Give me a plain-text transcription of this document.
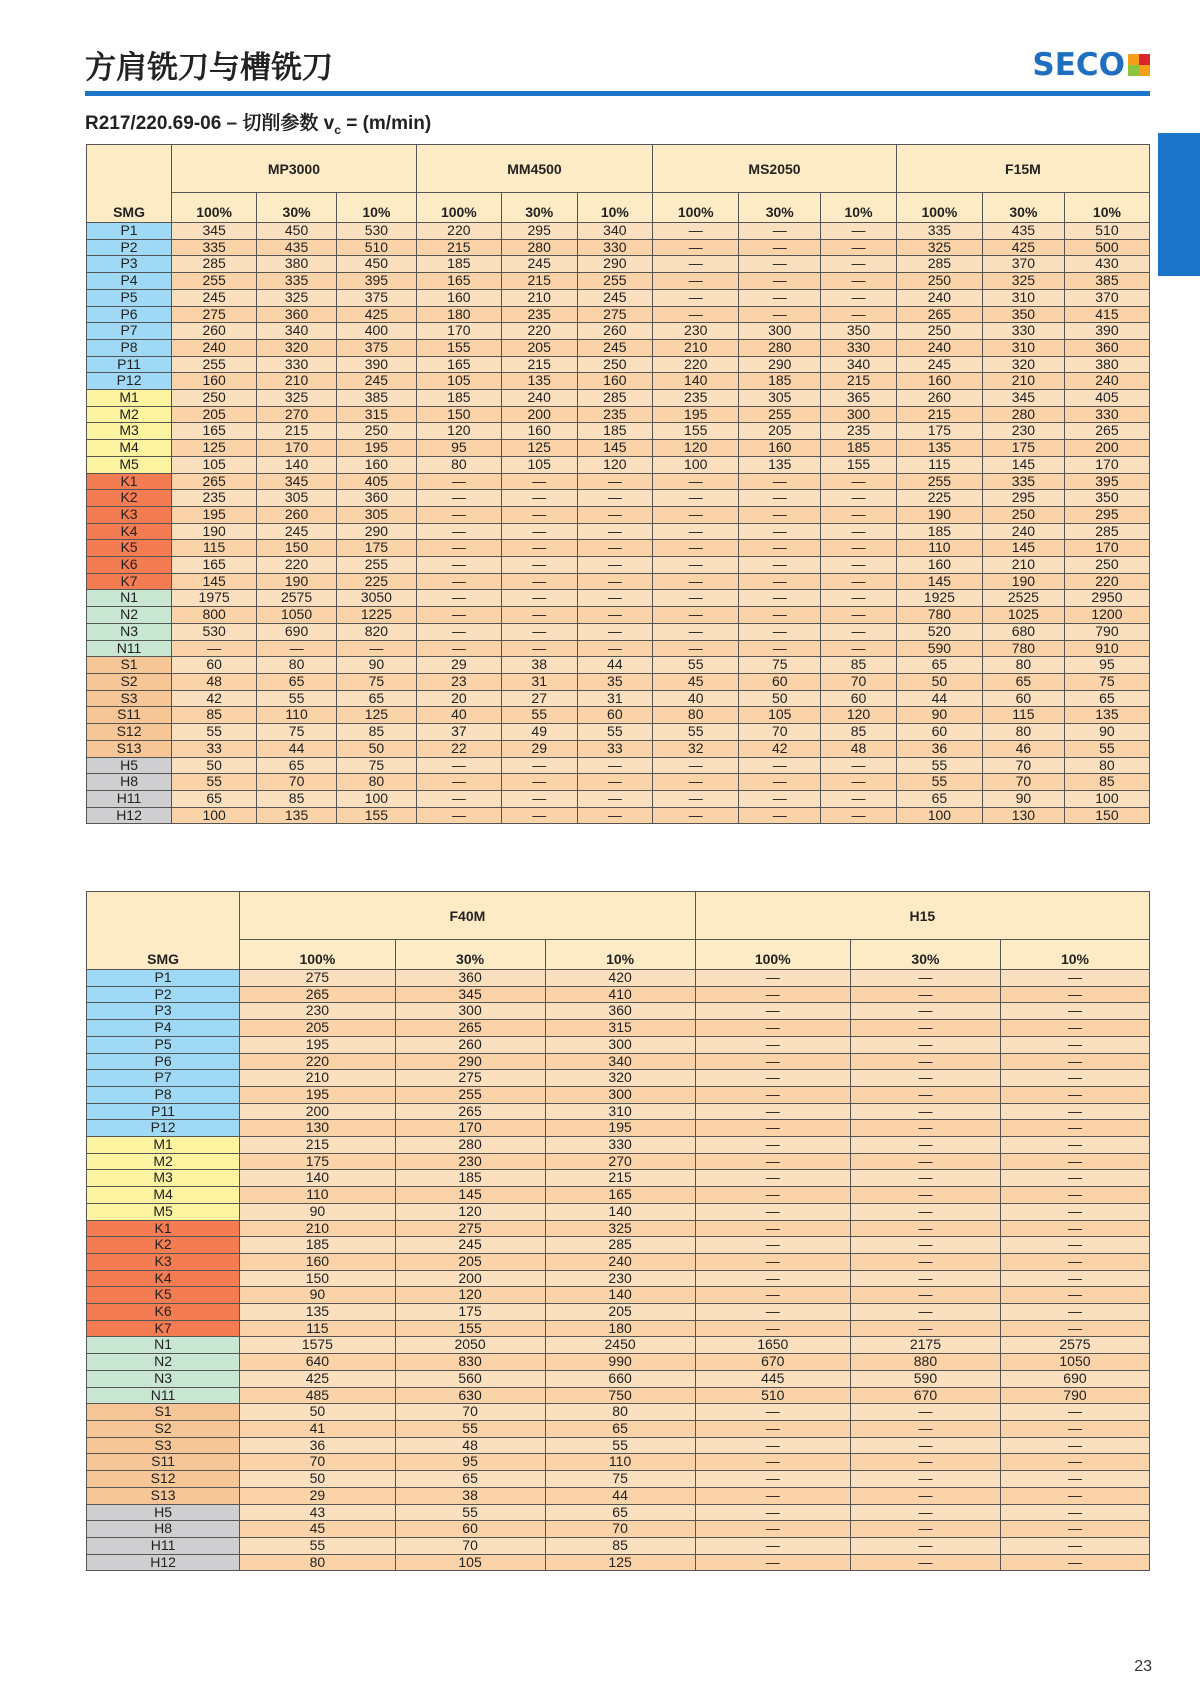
方肩铣刀与槽铣刀	SECO
R217/220.69-06 – 切削参数 $v_c = (m/\min)$
SMG	MP3000			MM4500			MS2050			F15M		
	100%	30%	10%	100%	30%	10%	100%	30%	10%	100%	30%	10%
P1	345	450	530	220	295	340	—	—	—	335	435	510
P2	335	435	510	215	280	330	—	—	—	325	425	500
P3	285	380	450	185	245	290	—	—	—	285	370	430
P4	255	335	395	165	215	255	—	—	—	250	325	385
P5	245	325	375	160	210	245	—	—	—	240	310	370
P6	275	360	425	180	235	275	—	—	—	265	350	415
P7	260	340	400	170	220	260	230	300	350	250	330	390
P8	240	320	375	155	205	245	210	280	330	240	310	360
P11	255	330	390	165	215	250	220	290	340	245	320	380
P12	160	210	245	105	135	160	140	185	215	160	210	240
M1	250	325	385	185	240	285	235	305	365	260	345	405
M2	205	270	315	150	200	235	195	255	300	215	280	330
M3	165	215	250	120	160	185	155	205	235	175	230	265
M4	125	170	195	95	125	145	120	160	185	135	175	200
M5	105	140	160	80	105	120	100	135	155	115	145	170
K1	265	345	405	—	—	—	—	—	—	255	335	395
K2	235	305	360	—	—	—	—	—	—	225	295	350
K3	195	260	305	—	—	—	—	—	—	190	250	295
K4	190	245	290	—	—	—	—	—	—	185	240	285
K5	115	150	175	—	—	—	—	—	—	110	145	170
K6	165	220	255	—	—	—	—	—	—	160	210	250
K7	145	190	225	—	—	—	—	—	—	145	190	220
N1	1975	2575	3050	—	—	—	—	—	—	1925	2525	2950
N2	800	1050	1225	—	—	—	—	—	—	780	1025	1200
N3	530	690	820	—	—	—	—	—	—	520	680	790
N11	—	—	—	—	—	—	—	—	—	590	780	910
S1	60	80	90	29	38	44	55	75	85	65	80	95
S2	48	65	75	23	31	35	45	60	70	50	65	75
S3	42	55	65	20	27	31	40	50	60	44	60	65
S11	85	110	125	40	55	60	80	105	120	90	115	135
S12	55	75	85	37	49	55	55	70	85	60	80	90
S13	33	44	50	22	29	33	32	42	48	36	46	55
H5	50	65	75	—	—	—	—	—	—	55	70	80
H8	55	70	80	—	—	—	—	—	—	55	70	85
H11	65	85	100	—	—	—	—	—	—	65	90	100
H12	100	135	155	—	—	—	—	—	—	100	130	150
SMG	F40M			H15		
	100%	30%	10%	100%	30%	10%
P1	275	360	420	—	—	—
P2	265	345	410	—	—	—
P3	230	300	360	—	—	—
P4	205	265	315	—	—	—
P5	195	260	300	—	—	—
P6	220	290	340	—	—	—
P7	210	275	320	—	—	—
P8	195	255	300	—	—	—
P11	200	265	310	—	—	—
P12	130	170	195	—	—	—
M1	215	280	330	—	—	—
M2	175	230	270	—	—	—
M3	140	185	215	—	—	—
M4	110	145	165	—	—	—
M5	90	120	140	—	—	—
K1	210	275	325	—	—	—
K2	185	245	285	—	—	—
K3	160	205	240	—	—	—
K4	150	200	230	—	—	—
K5	90	120	140	—	—	—
K6	135	175	205	—	—	—
K7	115	155	180	—	—	—
N1	1575	2050	2450	1650	2175	2575
N2	640	830	990	670	880	1050
N3	425	560	660	445	590	690
N11	485	630	750	510	670	790
S1	50	70	80	—	—	—
S2	41	55	65	—	—	—
S3	36	48	55	—	—	—
S11	70	95	110	—	—	—
S12	50	65	75	—	—	—
S13	29	38	44	—	—	—
H5	43	55	65	—	—	—
H8	45	60	70	—	—	—
H11	55	70	85	—	—	—
H12	80	105	125	—	—	—
23
